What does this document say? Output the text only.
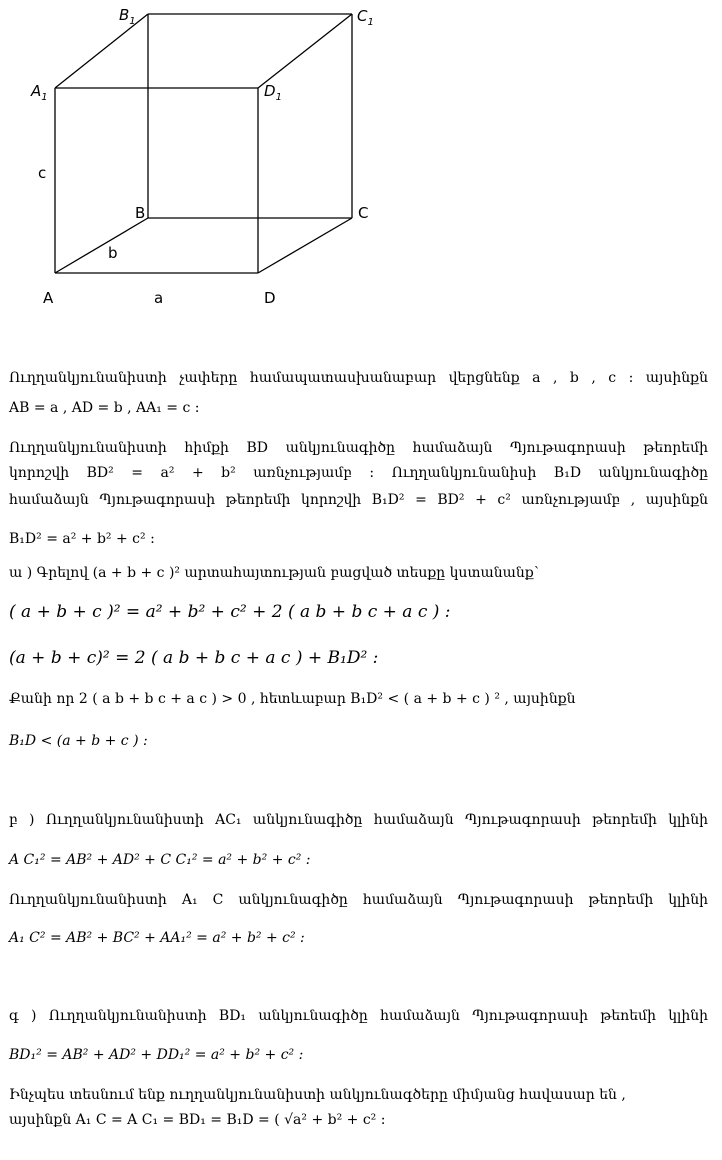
$B_1$	$C_1$
$A_1$	$D_1$
c
B	C
b
A	a	D
Ուղղանկյունանիստի չափերը համապատասխանաբար վերցնենք a , b , c : այսինքն
AB = a , AD = b , AA₁ = c :
Ուղղանկյունանիստի հիմքի BD անկյունագիծը համաձայն Պյութագորասի թեորեմի
կորոշվի BD² = a² + b² առնչությամբ : Ուղղանկյունանիսի B₁D անկյունագիծը
համաձայն Պյութագորասի թեորեմի կորոշվի B₁D² = BD² + c² առնչությամբ , այսինքն
B₁D² = a² + b² + c² :
ա ) Գրելով (a + b + c )² արտահայտության բացված տեսքը կստանանք՝
( a + b + c )² = a² + b² + c² + 2 ( a b + b c + a c ) :
(a + b + c)² = 2 ( a b + b c + a c ) + B₁D² :
Քանի որ 2 ( a b + b c + a c ) > 0 , հետևաբար B₁D² < ( a + b + c ) ² , այսինքն
B₁D < (a + b + c ) :
բ ) Ուղղանկյունանիստի AC₁ անկյունագիծը համաձայն Պյութագորասի թեորեմի կլինի
A C₁² = AB² + AD² + C C₁² = a² + b² + c² :
Ուղղանկյունանիստի A₁ C անկյունագիծը համաձայն Պյութագորասի թեորեմի կլինի
A₁ C² = AB² + BC² + AA₁² = a² + b² + c² :
գ ) Ուղղանկյունանիստի BD₁ անկյունագիծը համաձայն Պյութագորասի թեոեմի կլինի
BD₁² = AB² + AD² + DD₁² = a² + b² + c² :
Ինչպես տեսնում ենք ուղղանկյունանիստի անկյունագծերը միմյանց հավասար են ,
այսինքն A₁ C = A C₁ = BD₁ = B₁D = ( √a² + b² + c² :
